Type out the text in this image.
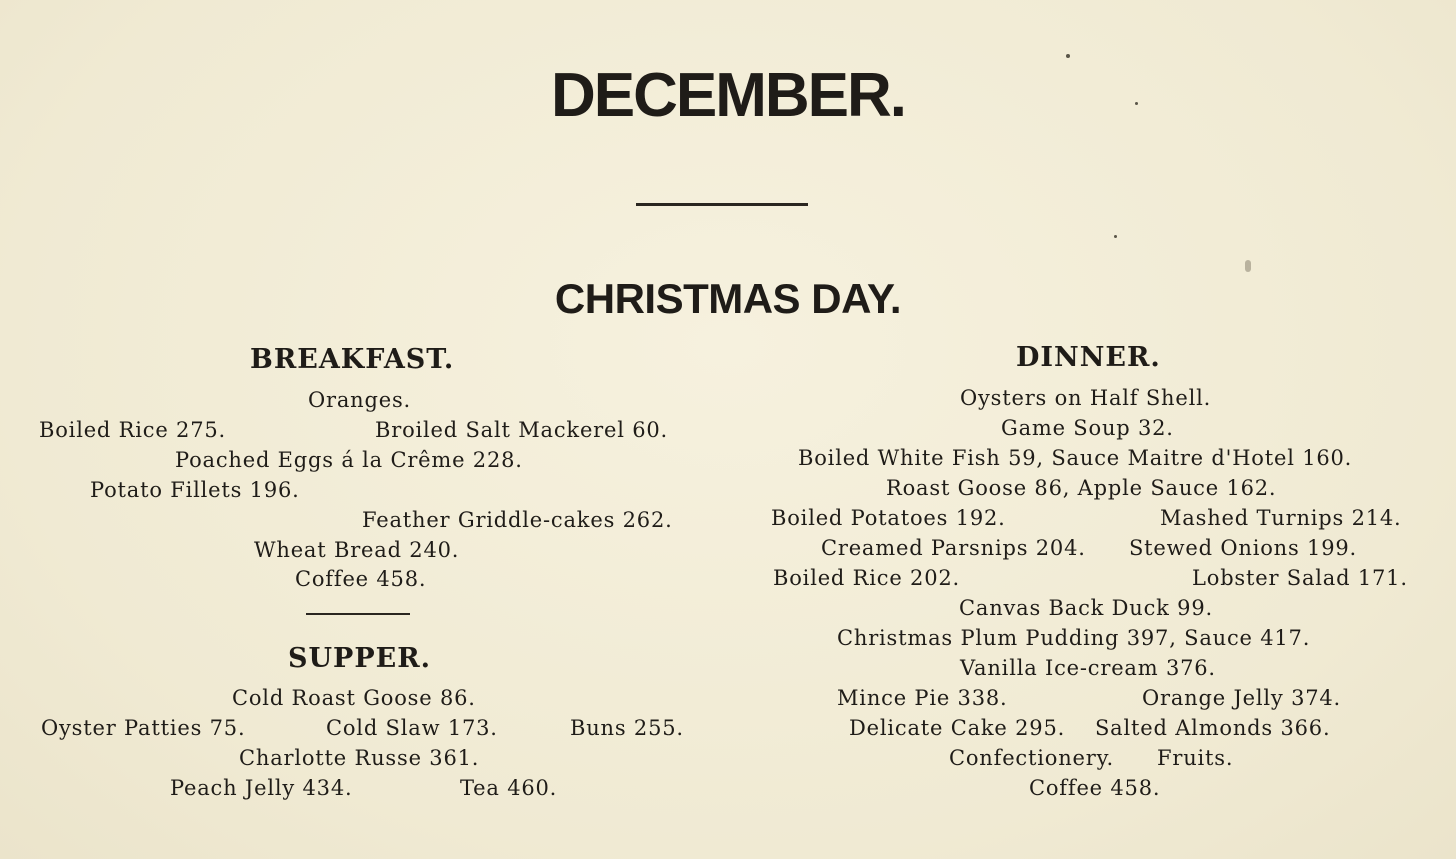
DECEMBER.
CHRISTMAS DAY.
BREAKFAST.
Oranges.
Boiled Rice 275.	Broiled Salt Mackerel 60.
Poached Eggs á la Crême 228.
Potato Fillets 196.
Feather Griddle-cakes 262.
Wheat Bread 240.
Coffee 458.
SUPPER.
Cold Roast Goose 86.
Oyster Patties 75.	Cold Slaw 173.	Buns 255.
Charlotte Russe 361.
Peach Jelly 434.	Tea 460.
DINNER.
Oysters on Half Shell.
Game Soup 32.
Boiled White Fish 59, Sauce Maitre d'Hotel 160.
Roast Goose 86, Apple Sauce 162.
Boiled Potatoes 192.	Mashed Turnips 214.
Creamed Parsnips 204. Stewed Onions 199.
Boiled Rice 202.	Lobster Salad 171.
Canvas Back Duck 99.
Christmas Plum Pudding 397, Sauce 417.
Vanilla Ice-cream 376.
Mince Pie 338.	Orange Jelly 374.
Delicate Cake 295. Salted Almonds 366.
Confectionery. Fruits.
Coffee 458.
